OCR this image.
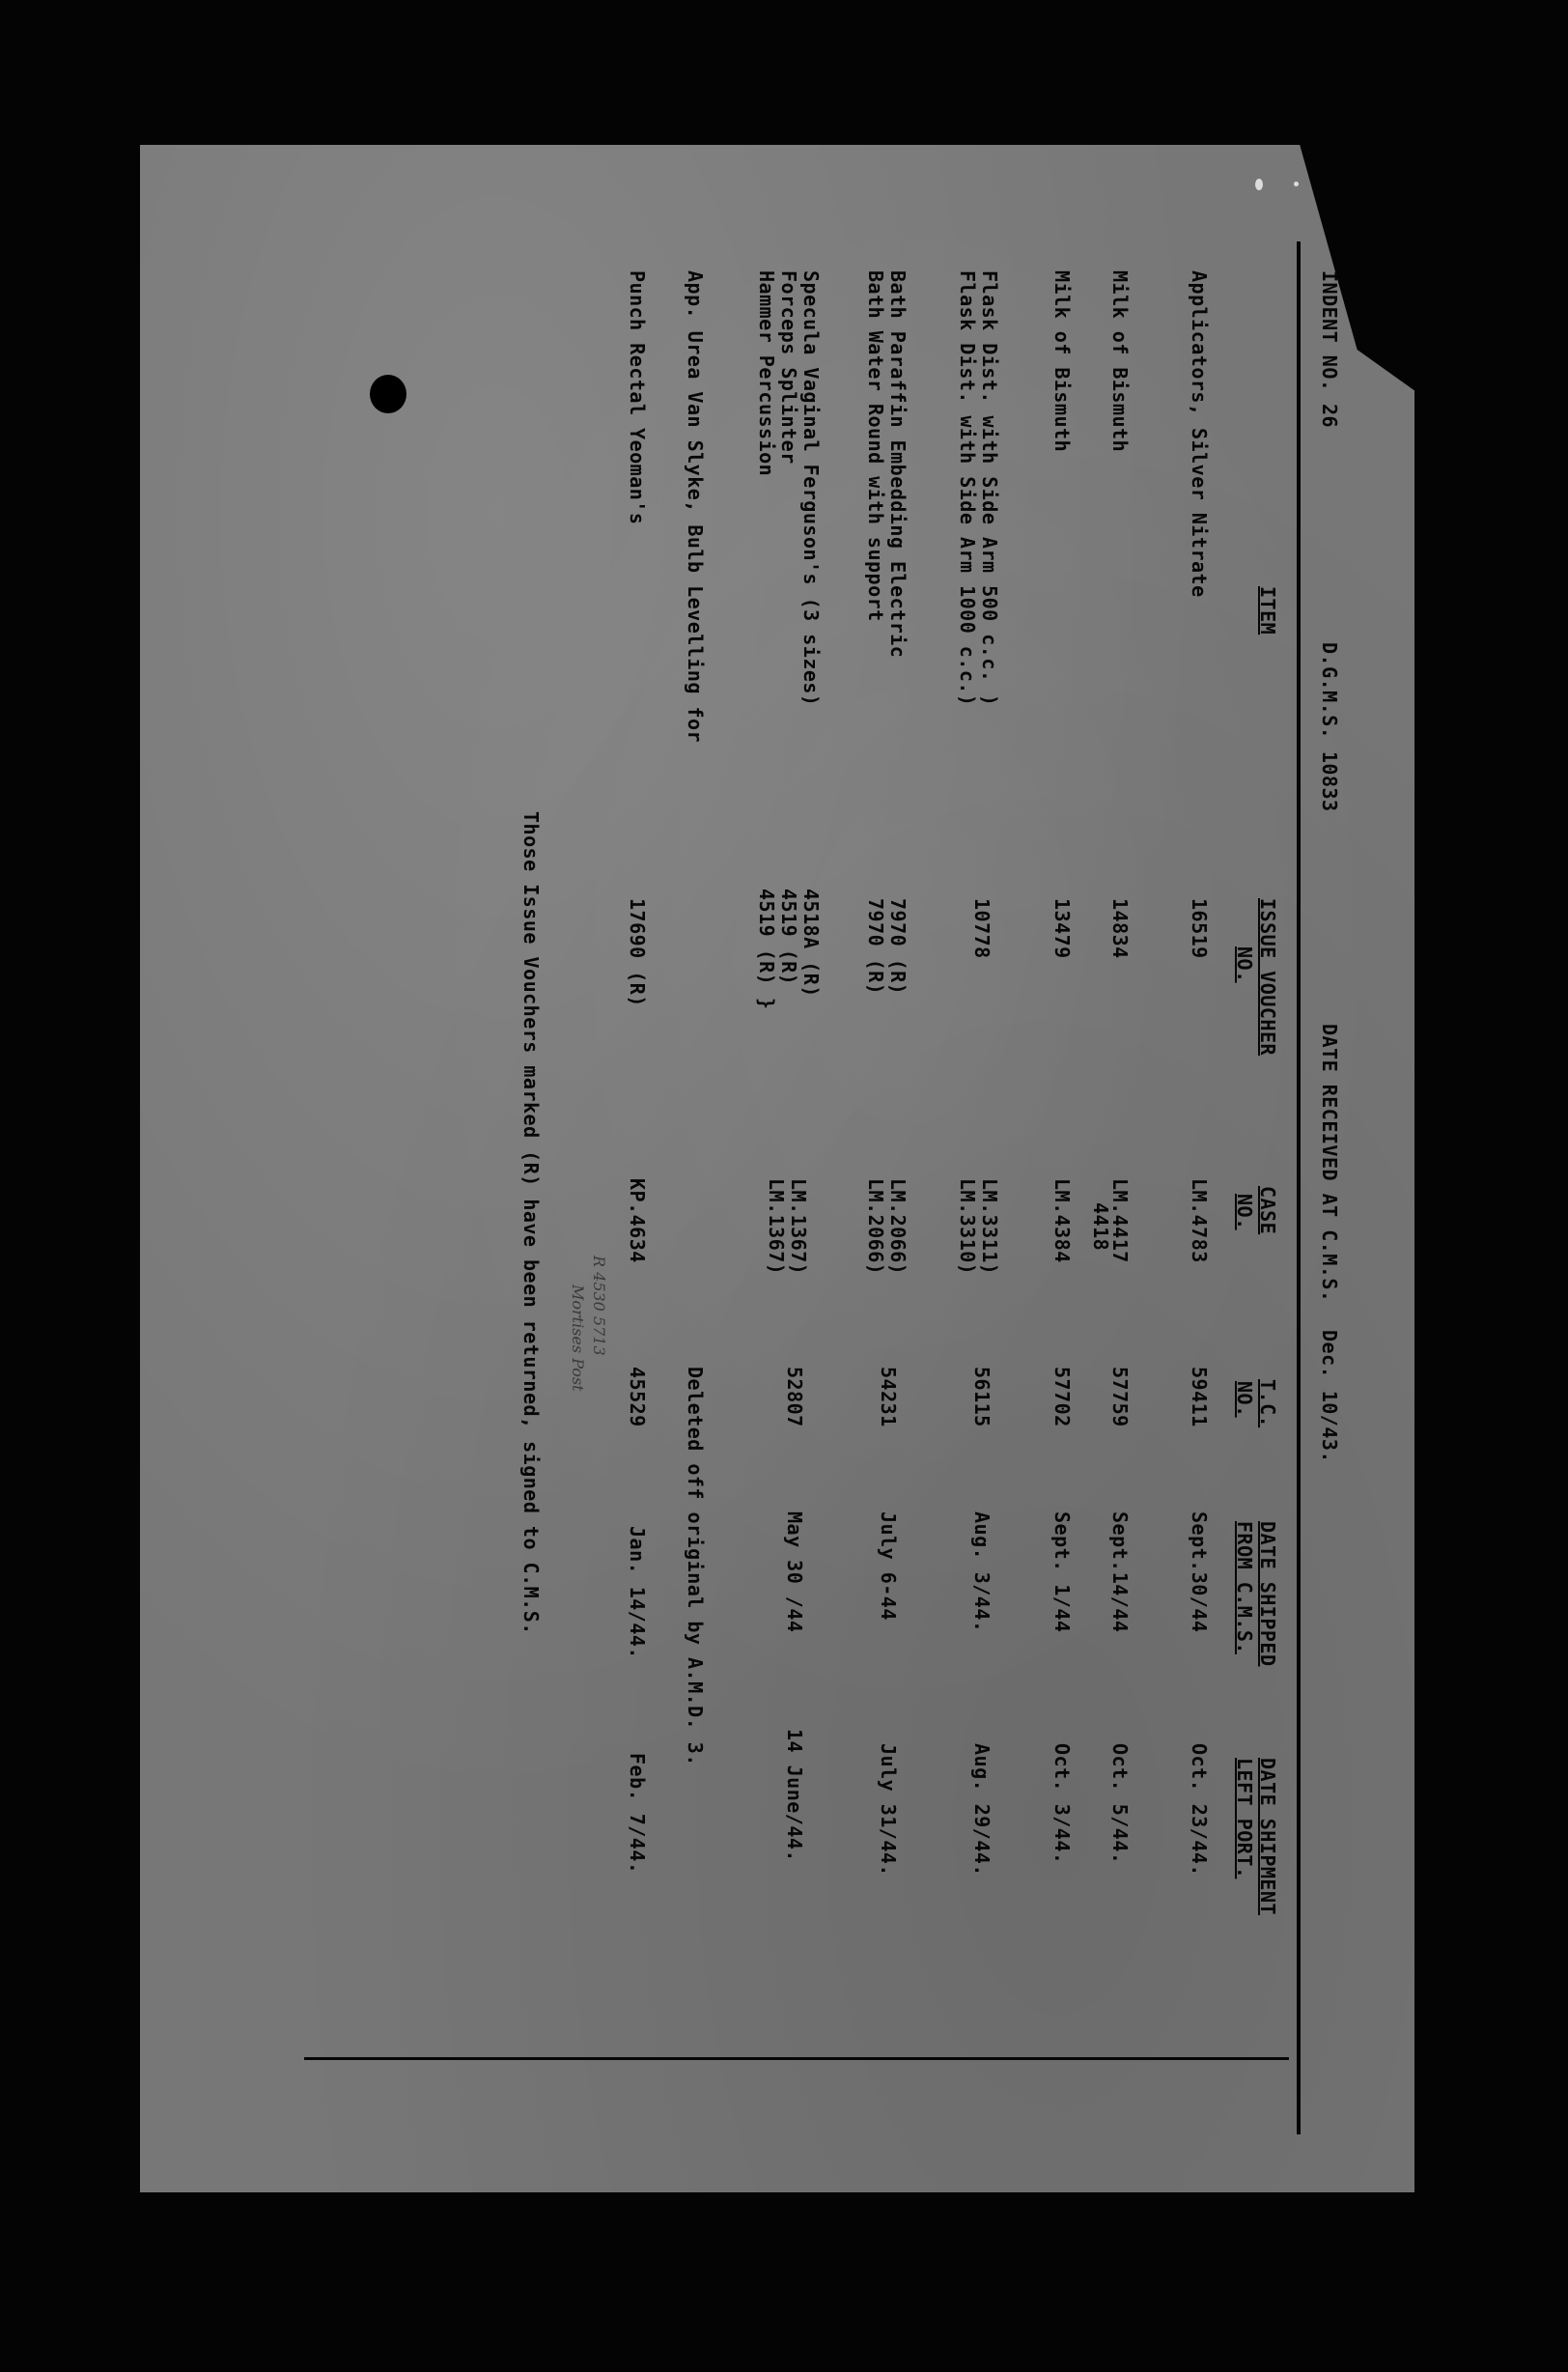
INDENT NO. 26
D.G.M.S. 10833
DATE RECEIVED AT C.M.S.
Dec. 10/43.
ITEM
ISSUE VOUCHER
NO.
CASE
NO.
T.C.
NO.
DATE SHIPPED
FROM C.M.S.
DATE SHIPMENT
LEFT PORT.
Applicators, Silver Nitrate
16519
LM.4783
59411
Sept.30/44
Oct. 23/44.
Milk of Bismuth
14834
LM.4417
4418
57759
Sept.14/44
Oct. 5/44.
Milk of Bismuth
13479
LM.4384
57702
Sept. 1/44
Oct. 3/44.
Flask Dist. with Side Arm 500 c.c. )
Flask Dist. with Side Arm 1000 c.c.)
10778
LM.3311)
LM.3310)
56115
Aug. 3/44.
Aug. 29/44.
Bath Paraffin Embedding Electric
Bath Water Round with support
7970 (R)
7970 (R)
LM.2066)
LM.2066)
54231
July 6-44
July 31/44.
Specula Vaginal Ferguson's (3 sizes)
Forceps Splinter
Hammer Percussion
4518A (R)
4519 (R)
4519 (R) }
LM.1367)
LM.1367)
52807
May 30 /44
14 June/44.
App. Urea Van Slyke, Bulb Levelling for
Deleted off original by A.M.D. 3.
Punch Rectal Yeoman's
17690 (R)
KP.4634
45529
Jan. 14/44.
Feb. 7/44.
R 4530 5713
Mortises Post
Those Issue Vouchers marked (R) have been returned, signed to C.M.S.
